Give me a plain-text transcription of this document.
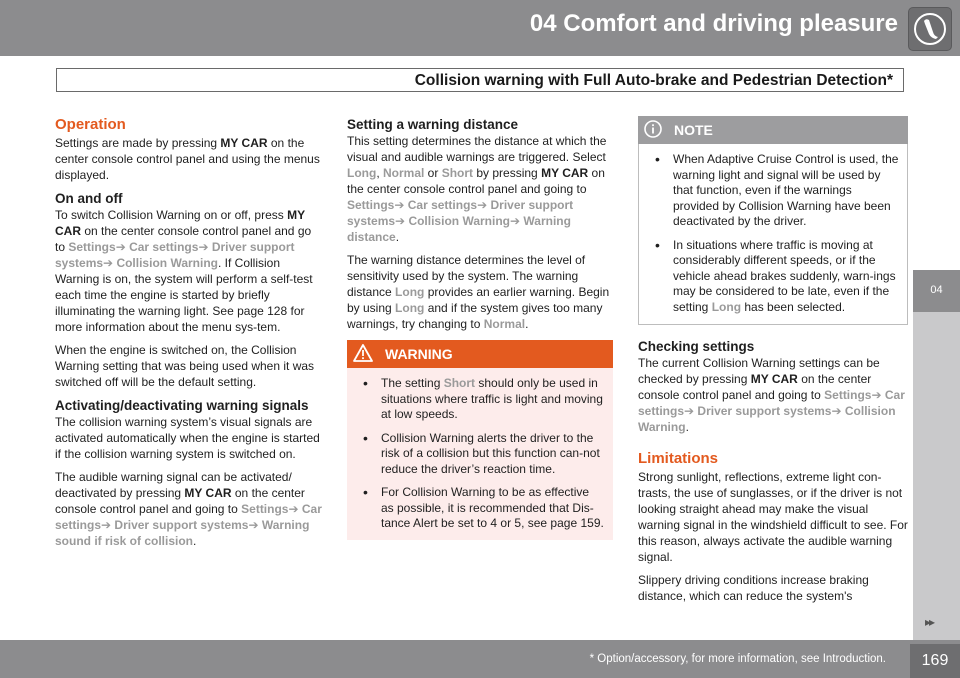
04 Comfort and driving pleasure
Collision warning with Full Auto-brake and Pedestrian Detection*
04
Operation

Settings are made by pressing MY CAR on the center console control panel and using the menus displayed.

On and off

To switch Collision Warning on or off, press MY CAR on the center console control panel and go to Settings➔ Car settings➔ Driver support systems➔ Collision Warning. If Collision Warning is on, the system will perform a self-test each time the engine is started by briefly illuminating the warning light. See page 128 for more information about the menu sys-tem.

When the engine is switched on, the Collision Warning setting that was being used when it was switched off will be the default setting.

Activating/deactivating warning signals

The collision warning system’s visual signals are activated automatically when the engine is started if the collision warning system is switched on.

The audible warning signal can be activated/ deactivated by pressing MY CAR on the center console control panel and going to Settings➔ Car settings➔ Driver support systems➔ Warning sound if risk of collision.

Setting a warning distance

This setting determines the distance at which the visual and audible warnings are triggered. Select Long, Normal or Short by pressing MY CAR on the center console control panel and going to Settings➔ Car settings➔ Driver support systems➔ Collision Warning➔ Warning distance.

The warning distance determines the level of sensitivity used by the system. The warning distance Long provides an earlier warning. Begin by using Long and if the system gives too many warnings, try changing to Normal.

WARNING
• The setting Short should only be used in situations where traffic is light and moving at low speeds.
• Collision Warning alerts the driver to the risk of a collision but this function can-not reduce the driver’s reaction time.
• For Collision Warning to be as effective as possible, it is recommended that Dis-tance Alert be set to 4 or 5, see page 159.
NOTE
• When Adaptive Cruise Control is used, the warning light and signal will be used by that function, even if the warnings provided by Collision Warning have been deactivated by the driver.
• In situations where traffic is moving at considerably different speeds, or if the vehicle ahead brakes suddenly, warn-ings may be considered to be late, even if the setting Long has been selected.
Checking settings

The current Collision Warning settings can be checked by pressing MY CAR on the center console control panel and going to Settings➔ Car settings➔ Driver support systems➔ Collision Warning.

Limitations

Strong sunlight, reflections, extreme light con-trasts, the use of sunglasses, or if the driver is not looking straight ahead may make the visual warning signal in the windshield difficult to see. For this reason, always activate the audible warning signal.

Slippery driving conditions increase braking distance, which can reduce the system's

▸▸
* Option/accessory, for more information, see Introduction.	169
